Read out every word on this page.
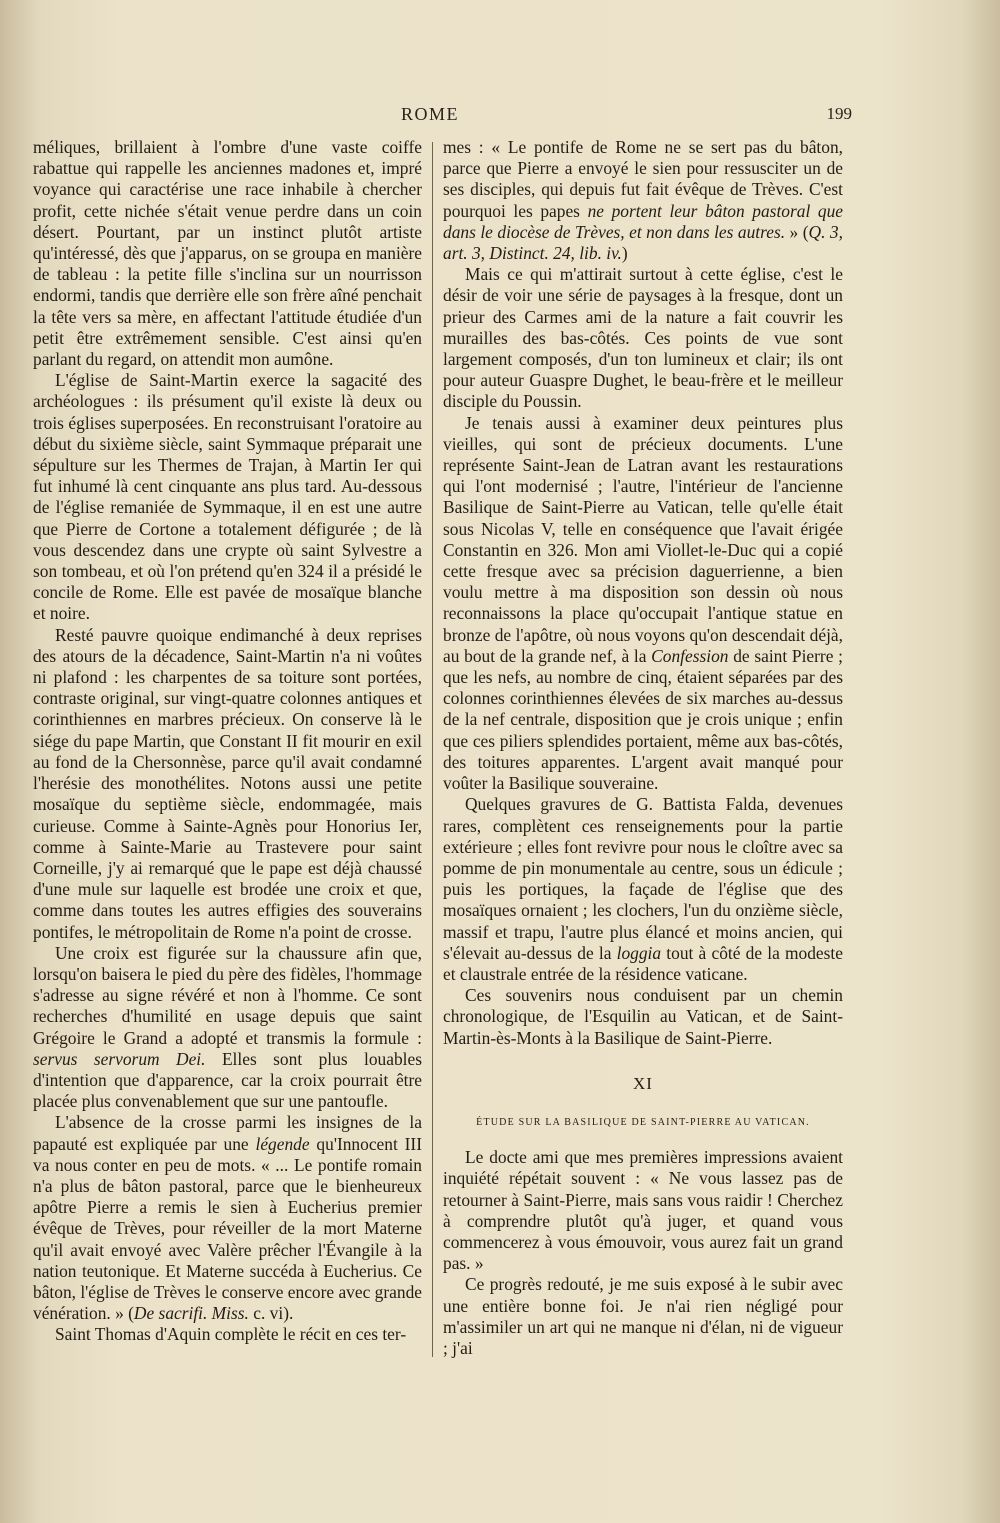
ROME	199

méliques, brillaient à l'ombre d'une vaste coiffe rabattue qui rappelle les anciennes madones et, impré voyance qui caractérise une race inhabile à chercher profit, cette nichée s'était venue perdre dans un coin désert. Pourtant, par un instinct plutôt artiste qu'intéressé, dès que j'apparus, on se groupa en manière de tableau : la petite fille s'inclina sur un nourrisson endormi, tandis que derrière elle son frère aîné penchait la tête vers sa mère, en affectant l'attitude étudiée d'un petit être extrêmement sensible. C'est ainsi qu'en parlant du regard, on attendit mon aumône.

L'église de Saint-Martin exerce la sagacité des archéologues : ils présument qu'il existe là deux ou trois églises superposées. En reconstruisant l'oratoire au début du sixième siècle, saint Symmaque préparait une sépulture sur les Thermes de Trajan, à Martin Ier qui fut inhumé là cent cinquante ans plus tard. Au-dessous de l'église remaniée de Symmaque, il en est une autre que Pierre de Cortone a totalement défigurée ; de là vous descendez dans une crypte où saint Sylvestre a son tombeau, et où l'on prétend qu'en 324 il a présidé le concile de Rome. Elle est pavée de mosaïque blanche et noire.

Resté pauvre quoique endimanché à deux reprises des atours de la décadence, Saint-Martin n'a ni voûtes ni plafond : les charpentes de sa toiture sont portées, contraste original, sur vingt-quatre colonnes antiques et corinthiennes en marbres précieux. On conserve là le siége du pape Martin, que Constant II fit mourir en exil au fond de la Chersonnèse, parce qu'il avait condamné l'herésie des monothélites. Notons aussi une petite mosaïque du septième siècle, endommagée, mais curieuse. Comme à Sainte-Agnès pour Honorius Ier, comme à Sainte-Marie au Trastevere pour saint Corneille, j'y ai remarqué que le pape est déjà chaussé d'une mule sur laquelle est brodée une croix et que, comme dans toutes les autres effigies des souverains pontifes, le métropolitain de Rome n'a point de crosse.

Une croix est figurée sur la chaussure afin que, lorsqu'on baisera le pied du père des fidèles, l'hommage s'adresse au signe révéré et non à l'homme. Ce sont recherches d'humilité en usage depuis que saint Grégoire le Grand a adopté et transmis la formule : servus servorum Dei. Elles sont plus louables d'intention que d'apparence, car la croix pourrait être placée plus convenablement que sur une pantoufle.

L'absence de la crosse parmi les insignes de la papauté est expliquée par une légende qu'Innocent III va nous conter en peu de mots. « ... Le pontife romain n'a plus de bâton pastoral, parce que le bienheureux apôtre Pierre a remis le sien à Eucherius premier évêque de Trèves, pour réveiller de la mort Materne qu'il avait envoyé avec Valère prêcher l'Évangile à la nation teutonique. Et Materne succéda à Eucherius. Ce bâton, l'église de Trèves le conserve encore avec grande vénération. » (De sacrifi. Miss. c. vi).

Saint Thomas d'Aquin complète le récit en ces ter-

mes : « Le pontife de Rome ne se sert pas du bâton, parce que Pierre a envoyé le sien pour ressusciter un de ses disciples, qui depuis fut fait évêque de Trèves. C'est pourquoi les papes ne portent leur bâton pastoral que dans le diocèse de Trèves, et non dans les autres. » (Q. 3, art. 3, Distinct. 24, lib. iv.)

Mais ce qui m'attirait surtout à cette église, c'est le désir de voir une série de paysages à la fresque, dont un prieur des Carmes ami de la nature a fait couvrir les murailles des bas-côtés. Ces points de vue sont largement composés, d'un ton lumineux et clair; ils ont pour auteur Guaspre Dughet, le beau-frère et le meilleur disciple du Poussin.

Je tenais aussi à examiner deux peintures plus vieilles, qui sont de précieux documents. L'une représente Saint-Jean de Latran avant les restaurations qui l'ont modernisé ; l'autre, l'intérieur de l'ancienne Basilique de Saint-Pierre au Vatican, telle qu'elle était sous Nicolas V, telle en conséquence que l'avait érigée Constantin en 326. Mon ami Viollet-le-Duc qui a copié cette fresque avec sa précision daguerrienne, a bien voulu mettre à ma disposition son dessin où nous reconnaissons la place qu'occupait l'antique statue en bronze de l'apôtre, où nous voyons qu'on descendait déjà, au bout de la grande nef, à la Confession de saint Pierre ; que les nefs, au nombre de cinq, étaient séparées par des colonnes corinthiennes élevées de six marches au-dessus de la nef centrale, disposition que je crois unique ; enfin que ces piliers splendides portaient, même aux bas-côtés, des toitures apparentes. L'argent avait manqué pour voûter la Basilique souveraine.

Quelques gravures de G. Battista Falda, devenues rares, complètent ces renseignements pour la partie extérieure ; elles font revivre pour nous le cloître avec sa pomme de pin monumentale au centre, sous un édicule ; puis les portiques, la façade de l'église que des mosaïques ornaient ; les clochers, l'un du onzième siècle, massif et trapu, l'autre plus élancé et moins ancien, qui s'élevait au-dessus de la loggia tout à côté de la modeste et claustrale entrée de la résidence vaticane.

Ces souvenirs nous conduisent par un chemin chronologique, de l'Esquilin au Vatican, et de Saint-Martin-ès-Monts à la Basilique de Saint-Pierre.

XI
ÉTUDE SUR LA BASILIQUE DE SAINT-PIERRE AU VATICAN.

Le docte ami que mes premières impressions avaient inquiété répétait souvent : « Ne vous lassez pas de retourner à Saint-Pierre, mais sans vous raidir ! Cherchez à comprendre plutôt qu'à juger, et quand vous commencerez à vous émouvoir, vous aurez fait un grand pas. »

Ce progrès redouté, je me suis exposé à le subir avec une entière bonne foi. Je n'ai rien négligé pour m'assimiler un art qui ne manque ni d'élan, ni de vigueur ; j'ai
